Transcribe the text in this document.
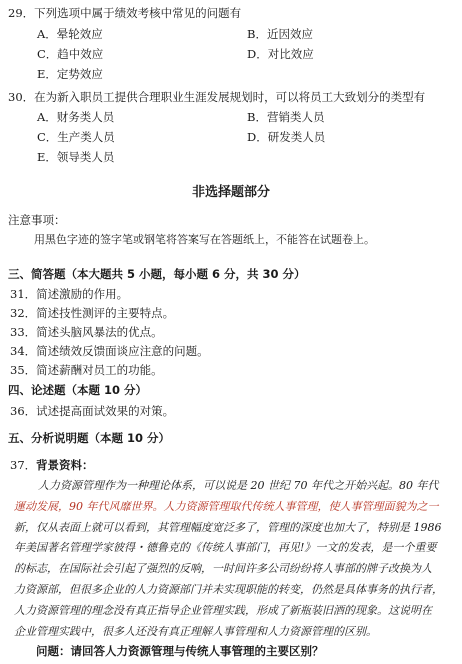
29．下列选项中属于绩效考核中常见的问题有
A．晕轮效应	B．近因效应
C．趋中效应	D．对比效应
E．定势效应
30．在为新入职员工提供合理职业生涯发展规划时，可以将员工大致划分的类型有
A．财务类人员	B．营销类人员
C．生产类人员	D．研发类人员
E．领导类人员
非选择题部分
注意事项：
用黑色字迹的签字笔或钢笔将答案写在答题纸上，不能答在试题卷上。
三、简答题（本大题共 5 小题，每小题 6 分，共 30 分）
31．简述激励的作用。
32．简述技性测评的主要特点。
33．简述头脑风暴法的优点。
34．简述绩效反馈面谈应注意的问题。
35．简述薪酬对员工的功能。
四、论述题（本题 10 分）
36．试述提高面试效果的对策。
五、分析说明题（本题 10 分）
37． 背景资料：
人力资源管理作为一种理论体系，可以说是 20 世纪 70 年代之开始兴起。80 年代
運动发展，90 年代风靡世界。人力资源管理取代传统人事管理，使人事管理面貌为之一
新，仅从表面上就可以看到，其管理幅度宽泛多了，管理的深度也加大了，特别是 1986
年美国著名管理学家彼得・德鲁克的《传统人事部门，再见!》一文的发表，是一个重要
的标志，在国际社会引起了强烈的反响，一时间许多公司纷纷将人事部的牌子改换为人
力资源部，但很多企业的人力资源部门并未实现职能的转变，仍然是具体事务的执行者，
人力资源管理的理念没有真正指导企业管理实践，形成了新瓶装旧酒的现象。这说明在
企业管理实践中，很多人还没有真正理解人事管理和人力资源管理的区别。
问题：请回答人力资源管理与传统人事管理的主要区别？
